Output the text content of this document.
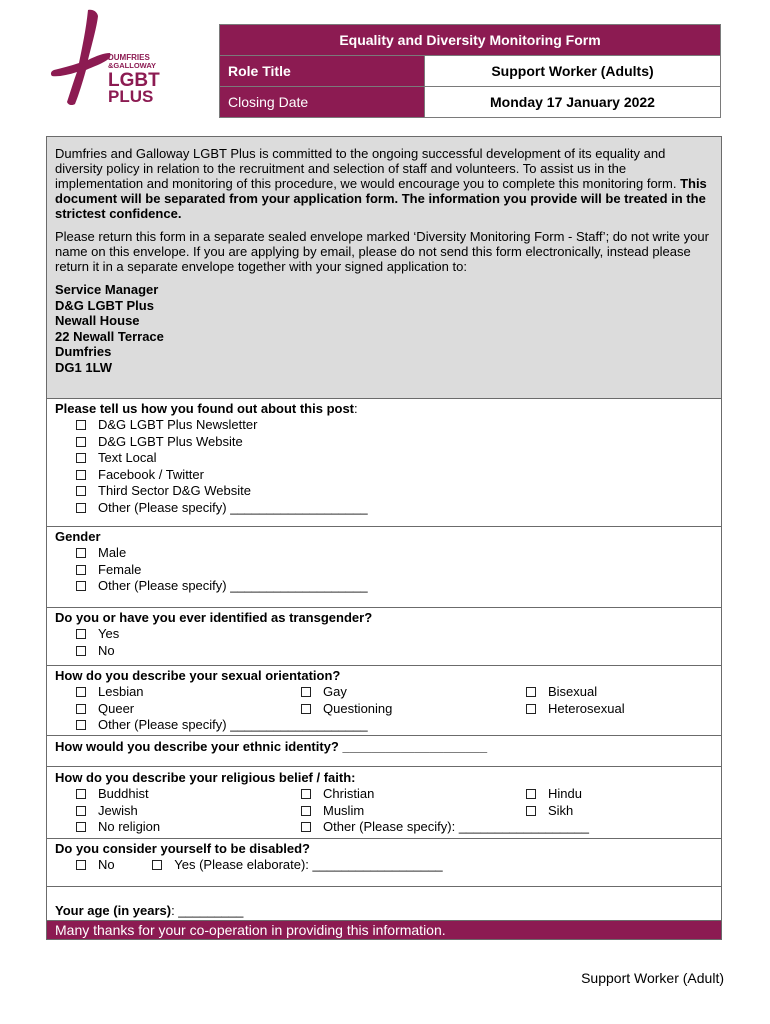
DUMFRIES
&GALLOWAY
LGBT
PLUS
Equality and Diversity Monitoring Form	
Role Title	Support Worker (Adults)
Closing Date	Monday 17 January 2022

Dumfries and Galloway LGBT Plus is committed to the ongoing successful development of its equality and diversity policy in relation to the recruitment and selection of staff and volunteers. To assist us in the implementation and monitoring of this procedure, we would encourage you to complete this monitoring form. This document will be separated from your application form. The information you provide will be treated in the strictest confidence.

Please return this form in a separate sealed envelope marked ‘Diversity Monitoring Form - Staff’; do not write your name on this envelope. If you are applying by email, please do not send this form electronically, instead please return it in a separate envelope together with your signed application to:

Service Manager
D&G LGBT Plus
Newall House
22 Newall Terrace
Dumfries
DG1 1LW
Please tell us how you found out about this post:
D&G LGBT Plus Newsletter
D&G LGBT Plus Website
Text Local
Facebook / Twitter
Third Sector D&G Website
Other (Please specify) ___________________
Gender
Male
Female
Other (Please specify) ___________________
Do you or have you ever identified as transgender?
Yes
No
How do you describe your sexual orientation?
Lesbian	Gay	Bisexual
Queer	Questioning	Heterosexual
Other (Please specify) ___________________
How would you describe your ethnic identity? ____________________
How do you describe your religious belief / faith:
Buddhist	Christian	Hindu
Jewish	Muslim	Sikh
No religion	Other (Please specify): __________________
Do you consider yourself to be disabled?
No	Yes (Please elaborate): __________________
Your age (in years): _________
Many thanks for your co-operation in providing this information.
Support Worker (Adult)
